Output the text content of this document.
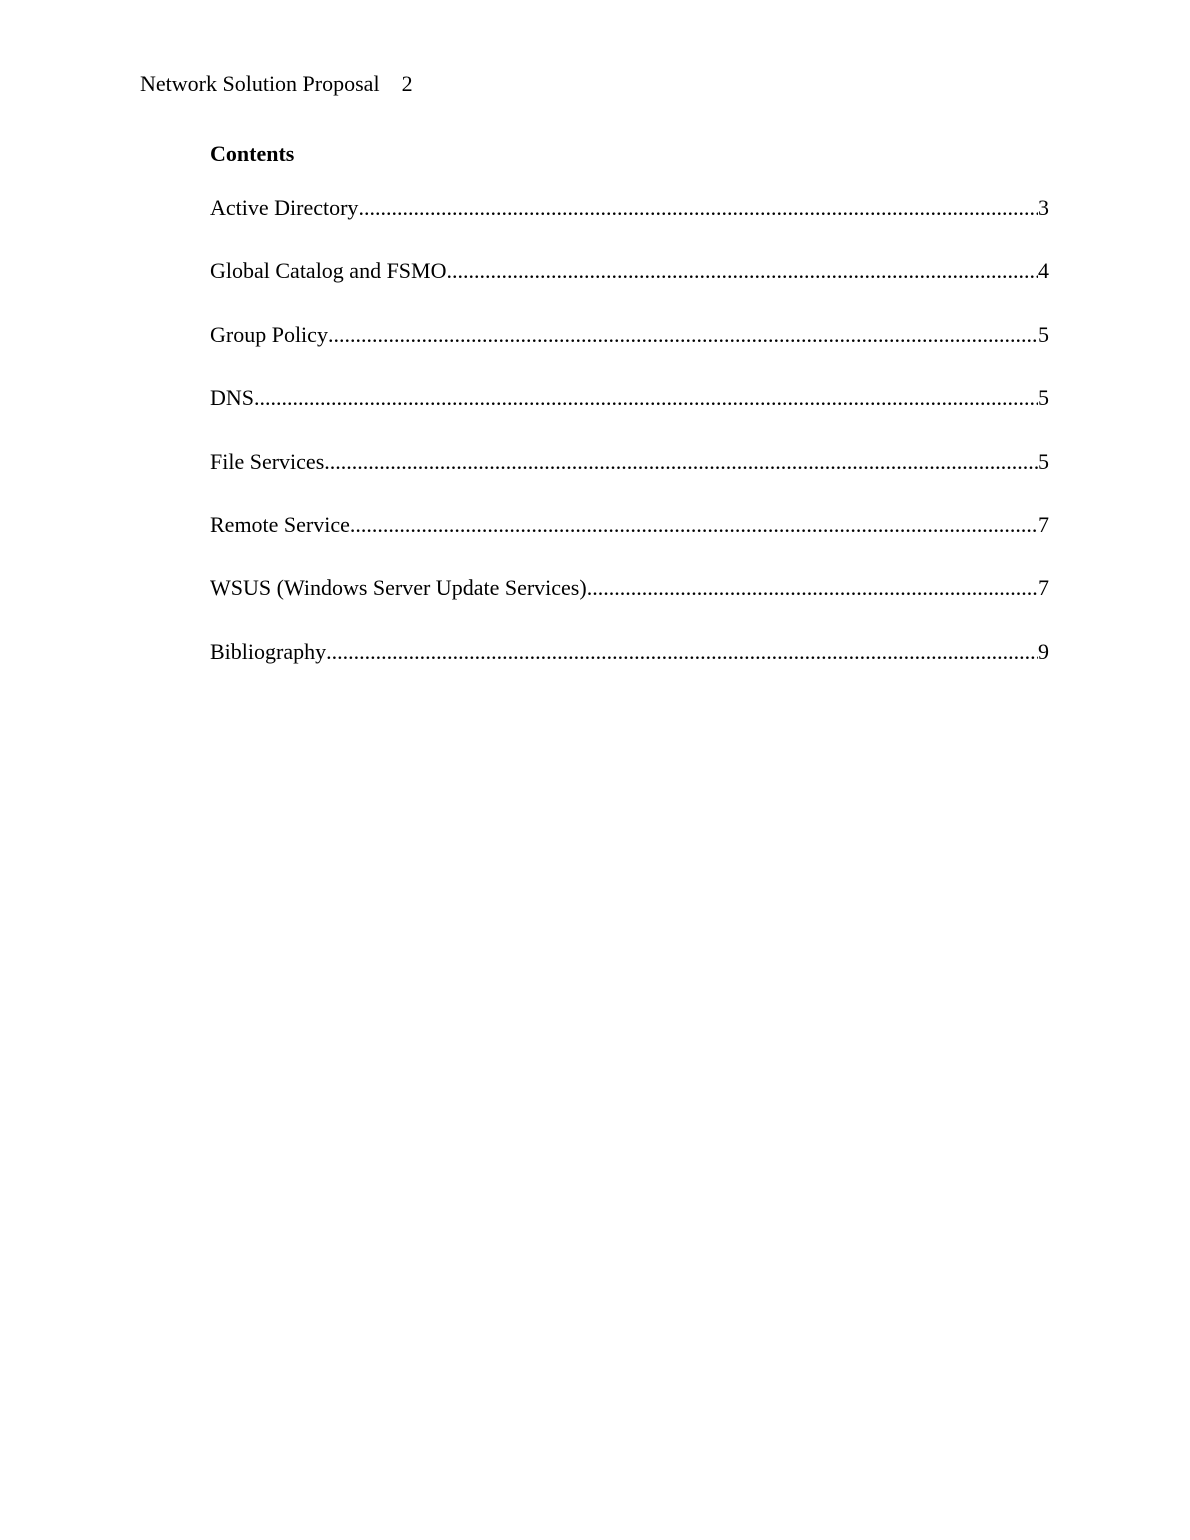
Network Solution Proposal 2
Contents
Active Directory .....	3
Global Catalog and FSMO .....	4
Group Policy .....	5
DNS .....	5
File Services .....	5
Remote Service .....	7
WSUS (Windows Server Update Services) .....	7
Bibliography .....	9
